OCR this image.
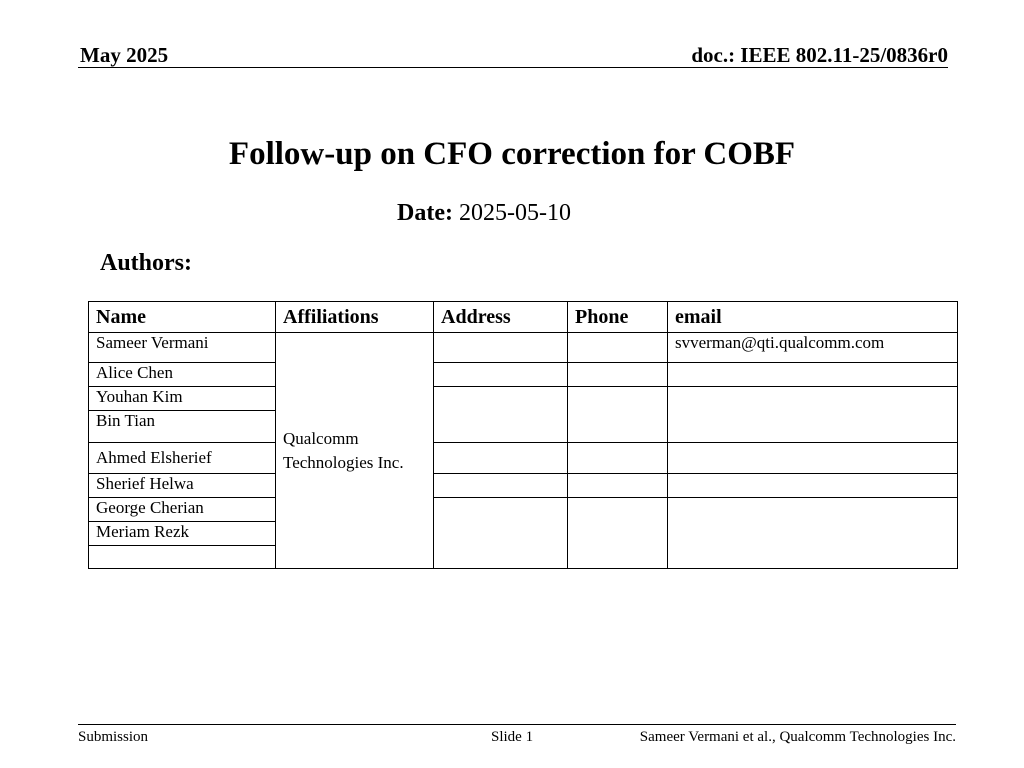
May 2025	doc.: IEEE 802.11-25/0836r0
Follow-up on CFO correction for COBF
Date: 2025-05-10
Authors:
Name	Affiliations	Address	Phone	email
Sameer Vermani	Qualcomm Technologies Inc.			svverman@qti.qualcomm.com
Alice Chen				
Youhan Kim				
Bin Tian				
Ahmed Elsherief				
Sherief Helwa				
George Cherian				
Meriam Rezk				

Submission	Slide 1	Sameer Vermani et al., Qualcomm Technologies Inc.
